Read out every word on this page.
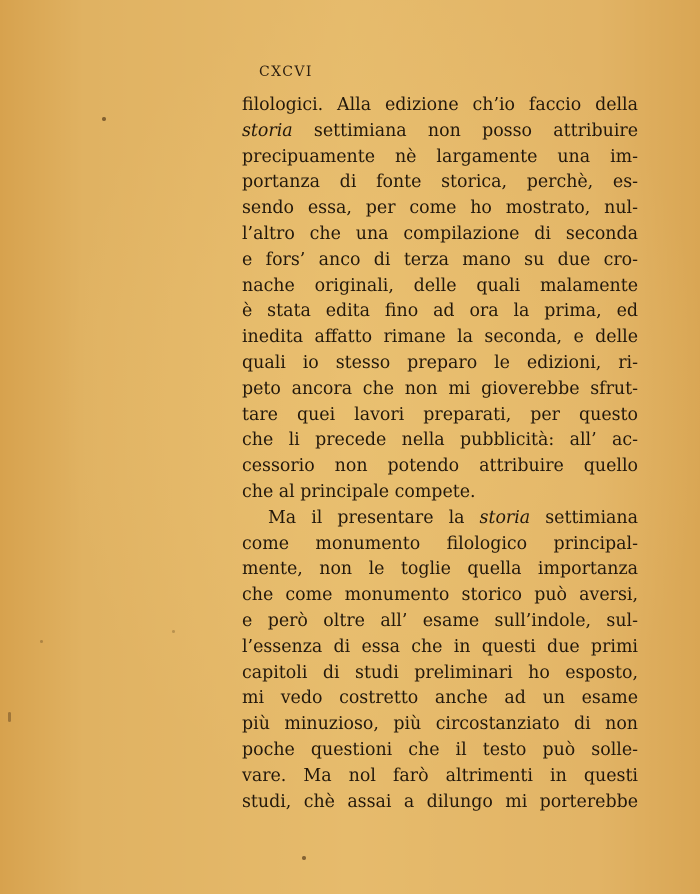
CXCVI
filologici. Alla edizione ch’io faccio della
storia settimiana non posso attribuire
precipuamente nè largamente una im-
portanza di fonte storica, perchè, es-
sendo essa, per come ho mostrato, nul-
l’altro che una compilazione di seconda
e fors’ anco di terza mano su due cro-
nache originali, delle quali malamente
è stata edita fino ad ora la prima, ed
inedita affatto rimane la seconda, e delle
quali io stesso preparo le edizioni, ri-
peto ancora che non mi gioverebbe sfrut-
tare quei lavori preparati, per questo
che li precede nella pubblicità: all’ ac-
cessorio non potendo attribuire quello
che al principale compete.
Ma il presentare la storia settimiana
come monumento filologico principal-
mente, non le toglie quella importanza
che come monumento storico può aversi,
e però oltre all’ esame sull’indole, sul-
l’essenza di essa che in questi due primi
capitoli di studi preliminari ho esposto,
mi vedo costretto anche ad un esame
più minuzioso, più circostanziato di non
poche questioni che il testo può solle-
vare. Ma nol farò altrimenti in questi
studi, chè assai a dilungo mi porterebbe
